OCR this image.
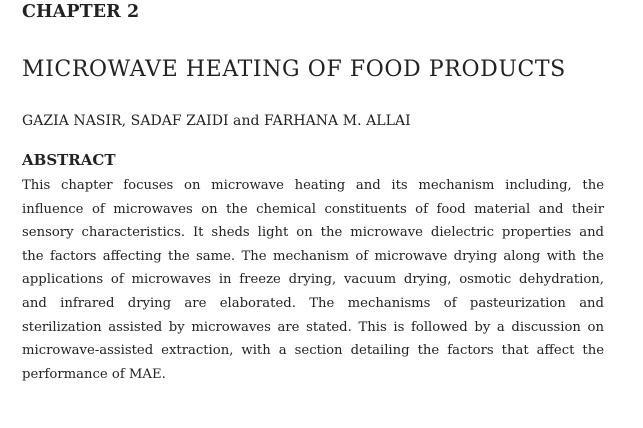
CHAPTER 2
MICROWAVE HEATING OF FOOD PRODUCTS

GAZIA NASIR, SADAF ZAIDI and FARHANA M. ALLAI

ABSTRACT
This chapter focuses on microwave heating and its mechanism including, the
influence of microwaves on the chemical constituents of food material and their
sensory characteristics. It sheds light on the microwave dielectric properties and
the factors affecting the same. The mechanism of microwave drying along with the
applications of microwaves in freeze drying, vacuum drying, osmotic dehydration,
and infrared drying are elaborated. The mechanisms of pasteurization and
sterilization assisted by microwaves are stated. This is followed by a discussion on
microwave-assisted extraction, with a section detailing the factors that affect the
performance of MAE.
